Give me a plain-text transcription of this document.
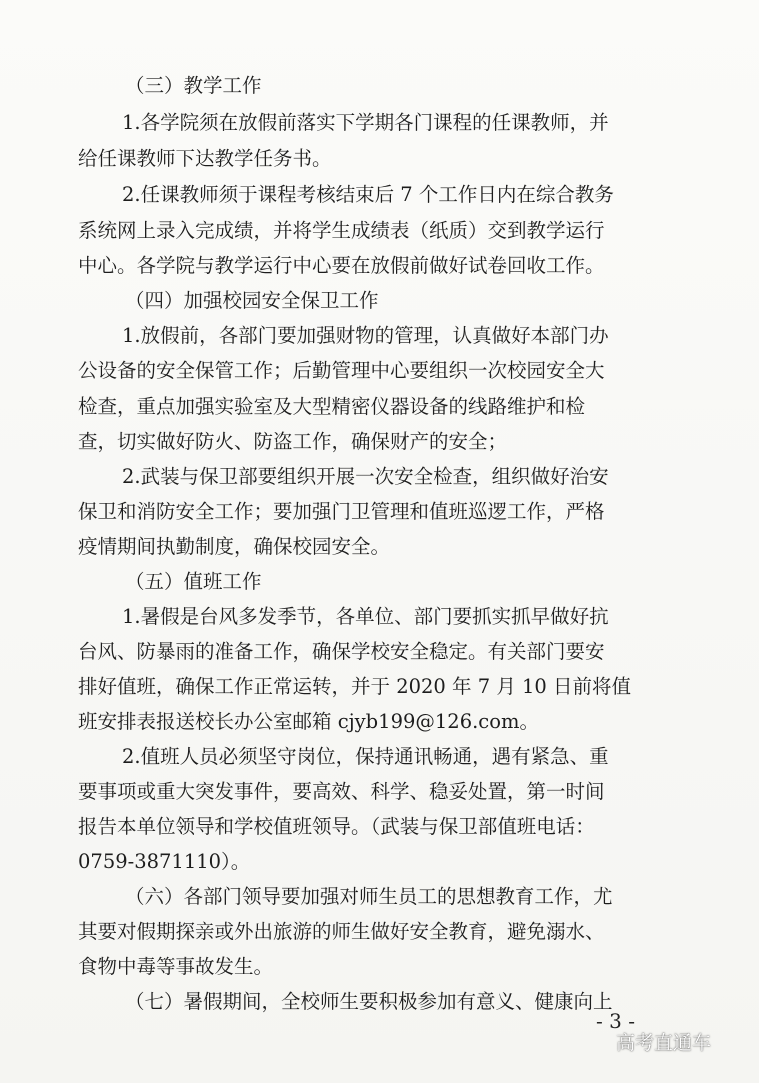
（三）教学工作
1.各学院须在放假前落实下学期各门课程的任课教师，并
给任课教师下达教学任务书。
2.任课教师须于课程考核结束后 7 个工作日内在综合教务
系统网上录入完成绩，并将学生成绩表（纸质）交到教学运行
中心。各学院与教学运行中心要在放假前做好试卷回收工作。
（四）加强校园安全保卫工作
1.放假前，各部门要加强财物的管理，认真做好本部门办
公设备的安全保管工作；后勤管理中心要组织一次校园安全大
检查，重点加强实验室及大型精密仪器设备的线路维护和检
查，切实做好防火、防盗工作，确保财产的安全；
2.武装与保卫部要组织开展一次安全检查，组织做好治安
保卫和消防安全工作；要加强门卫管理和值班巡逻工作，严格
疫情期间执勤制度，确保校园安全。
（五）值班工作
1.暑假是台风多发季节，各单位、部门要抓实抓早做好抗
台风、防暴雨的准备工作，确保学校安全稳定。有关部门要安
排好值班，确保工作正常运转，并于 2020 年 7 月 10 日前将值
班安排表报送校长办公室邮箱 cjyb199@126.com。
2.值班人员必须坚守岗位，保持通讯畅通，遇有紧急、重
要事项或重大突发事件，要高效、科学、稳妥处置，第一时间
报告本单位领导和学校值班领导。（武装与保卫部值班电话：
0759-3871110）。
（六）各部门领导要加强对师生员工的思想教育工作，尤
其要对假期探亲或外出旅游的师生做好安全教育，避免溺水、
食物中毒等事故发生。
（七）暑假期间，全校师生要积极参加有意义、健康向上
- 3 -
高考直通车
